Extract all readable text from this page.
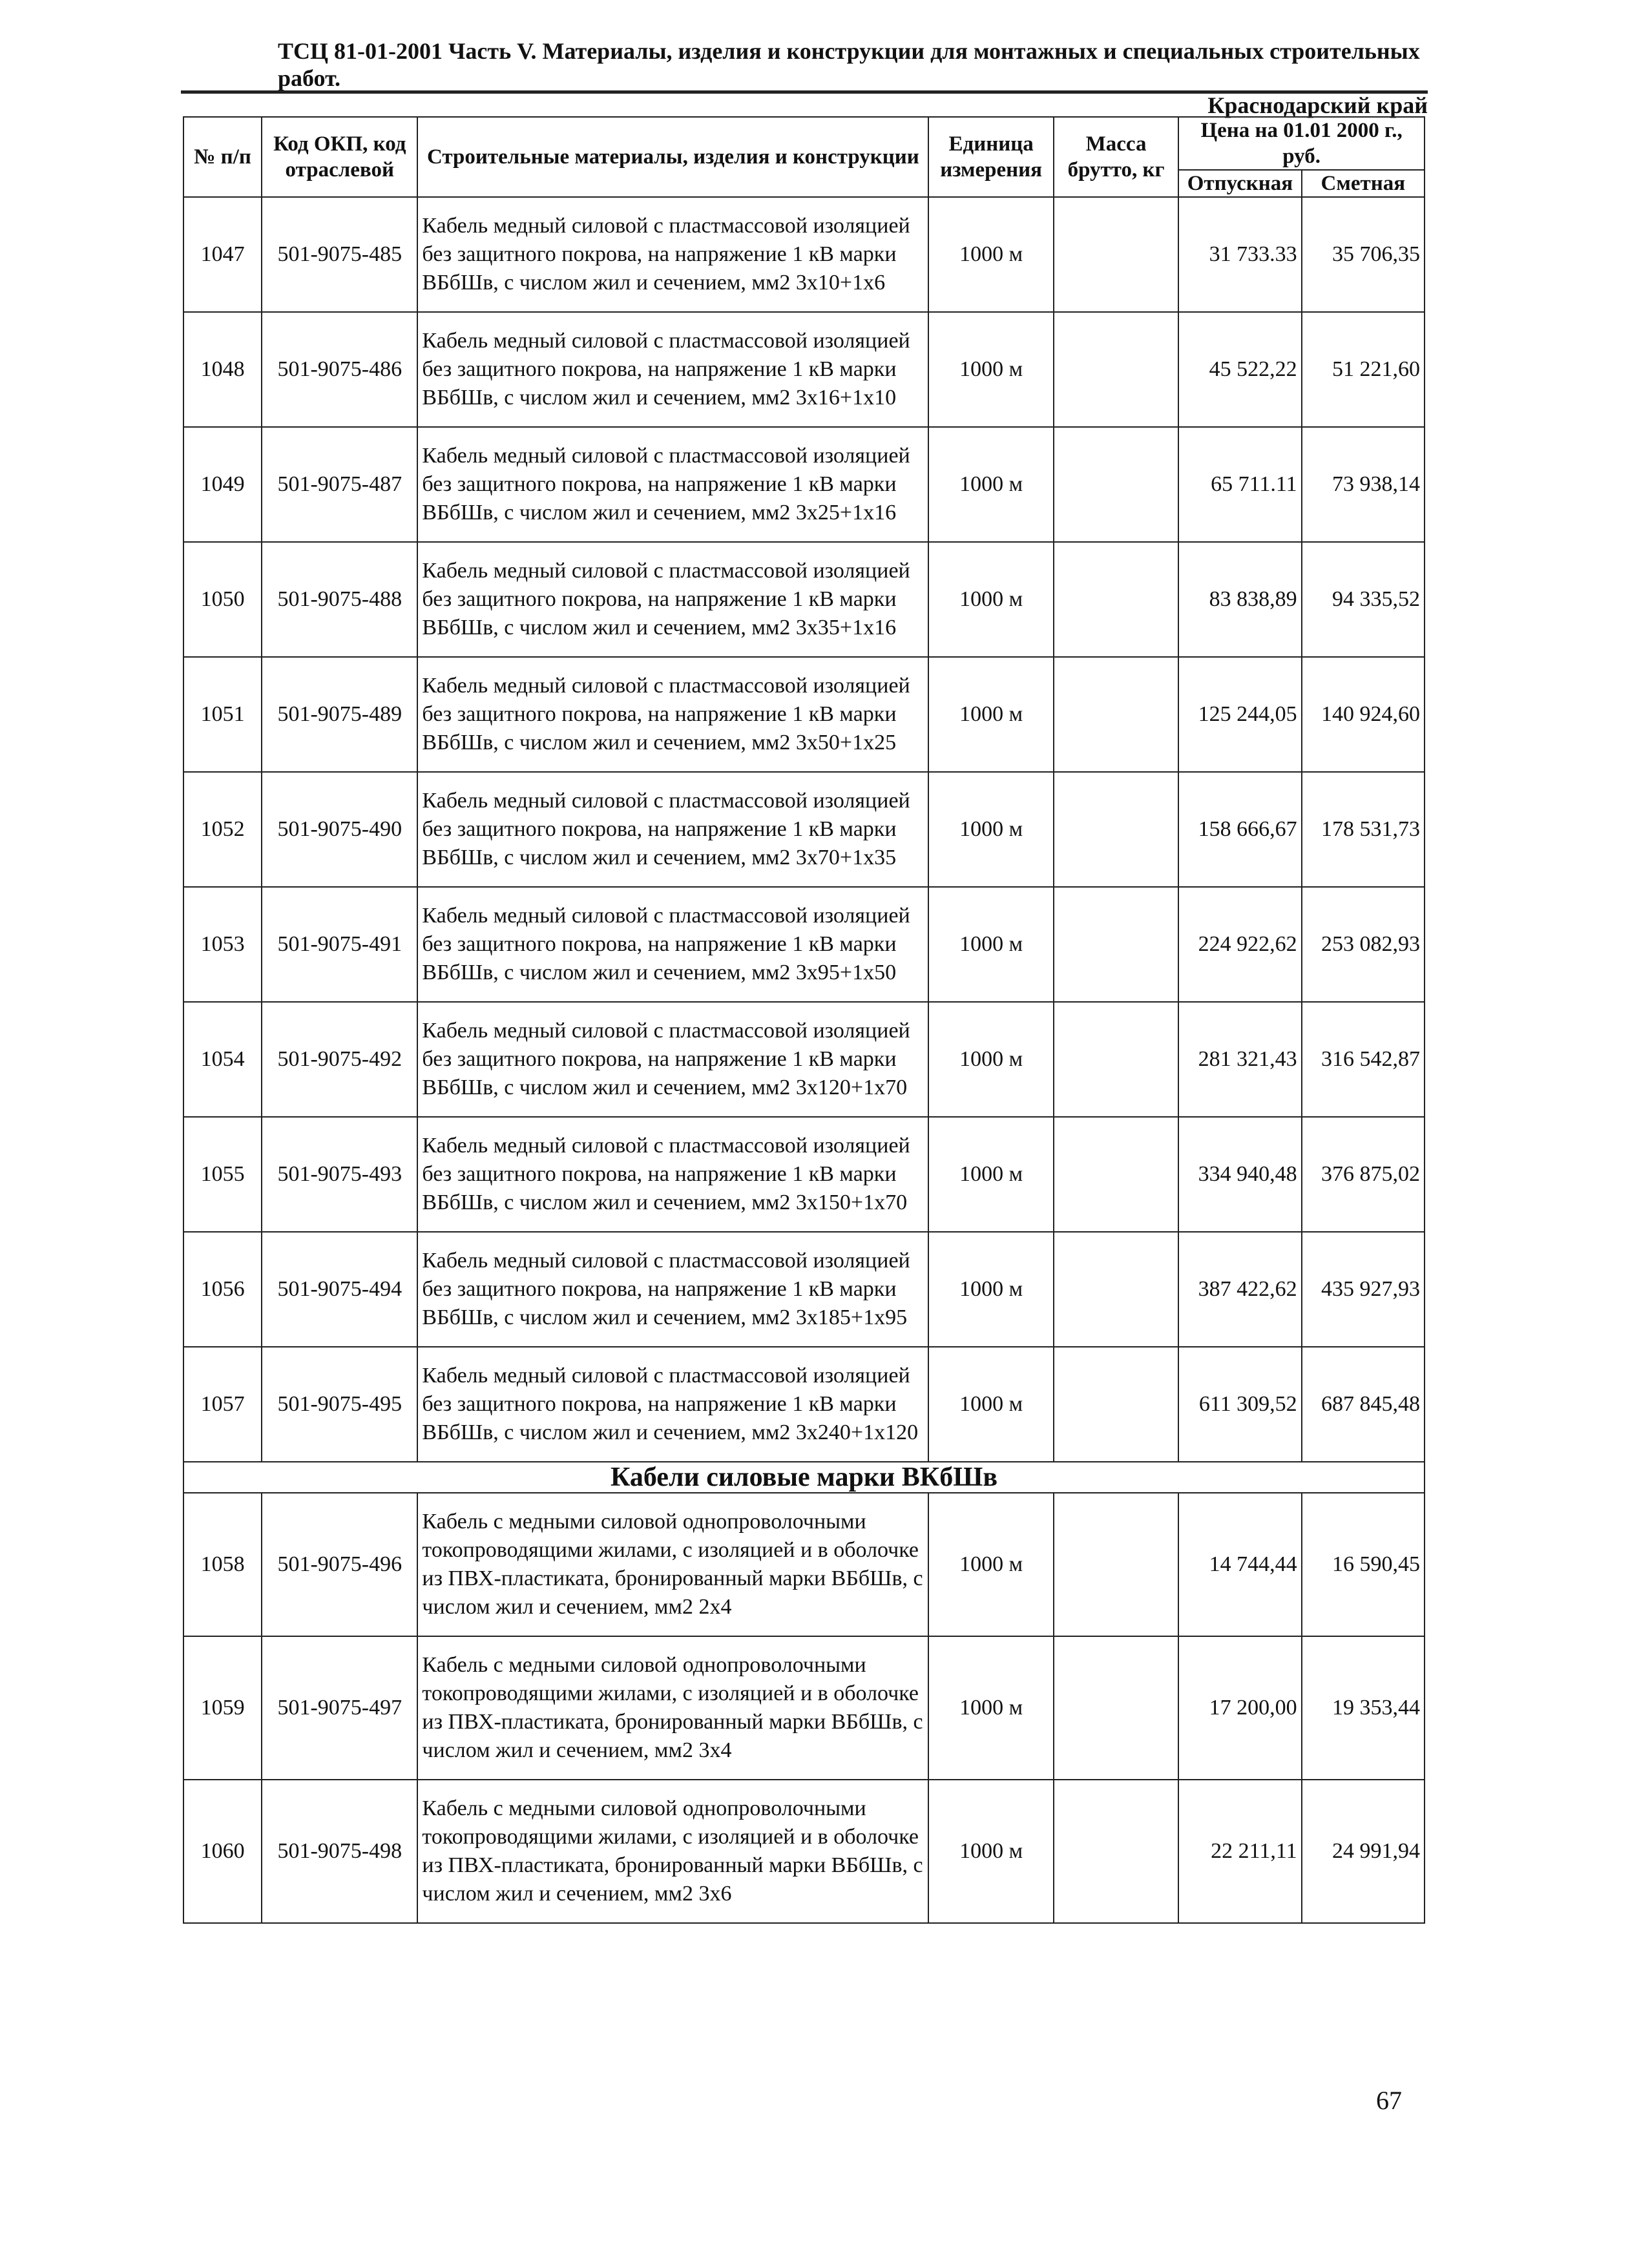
ТСЦ 81-01-2001 Часть V. Материалы, изделия и конструкции для монтажных и специальных строительных работ.
Краснодарский край
№ п/п	Код ОКП, код отраслевой	Строительные материалы, изделия и конструкции	Единица измерения	Масса брутто, кг	Цена на 01.01 2000 г., руб.	
					Отпускная	Сметная
1047	501-9075-485	Кабель медный силовой с пластмассовой изоляцией без защитного покрова, на напряжение 1 кВ марки ВБбШв, с числом жил и сечением, мм2 3х10+1х6	1000 м		31 733.33	35 706,35
1048	501-9075-486	Кабель медный силовой с пластмассовой изоляцией без защитного покрова, на напряжение 1 кВ марки ВБбШв, с числом жил и сечением, мм2 3х16+1х10	1000 м		45 522,22	51 221,60
1049	501-9075-487	Кабель медный силовой с пластмассовой изоляцией без защитного покрова, на напряжение 1 кВ марки ВБбШв, с числом жил и сечением, мм2 3х25+1х16	1000 м		65 711.11	73 938,14
1050	501-9075-488	Кабель медный силовой с пластмассовой изоляцией без защитного покрова, на напряжение 1 кВ марки ВБбШв, с числом жил и сечением, мм2 3х35+1х16	1000 м		83 838,89	94 335,52
1051	501-9075-489	Кабель медный силовой с пластмассовой изоляцией без защитного покрова, на напряжение 1 кВ марки ВБбШв, с числом жил и сечением, мм2 3х50+1х25	1000 м		125 244,05	140 924,60
1052	501-9075-490	Кабель медный силовой с пластмассовой изоляцией без защитного покрова, на напряжение 1 кВ марки ВБбШв, с числом жил и сечением, мм2 3х70+1х35	1000 м		158 666,67	178 531,73
1053	501-9075-491	Кабель медный силовой с пластмассовой изоляцией без защитного покрова, на напряжение 1 кВ марки ВБбШв, с числом жил и сечением, мм2 3х95+1х50	1000 м		224 922,62	253 082,93
1054	501-9075-492	Кабель медный силовой с пластмассовой изоляцией без защитного покрова, на напряжение 1 кВ марки ВБбШв, с числом жил и сечением, мм2 3х120+1х70	1000 м		281 321,43	316 542,87
1055	501-9075-493	Кабель медный силовой с пластмассовой изоляцией без защитного покрова, на напряжение 1 кВ марки ВБбШв, с числом жил и сечением, мм2 3х150+1х70	1000 м		334 940,48	376 875,02
1056	501-9075-494	Кабель медный силовой с пластмассовой изоляцией без защитного покрова, на напряжение 1 кВ марки ВБбШв, с числом жил и сечением, мм2 3х185+1х95	1000 м		387 422,62	435 927,93
1057	501-9075-495	Кабель медный силовой с пластмассовой изоляцией без защитного покрова, на напряжение 1 кВ марки ВБбШв, с числом жил и сечением, мм2 3х240+1х120	1000 м		611 309,52	687 845,48
Кабели силовые марки ВКбШв						
1058	501-9075-496	Кабель с медными силовой однопроволочными токопроводящими жилами, с изоляцией и в оболочке из ПВХ-пластиката, бронированный марки ВБбШв, с числом жил и сечением, мм2 2х4	1000 м		14 744,44	16 590,45
1059	501-9075-497	Кабель с медными силовой однопроволочными токопроводящими жилами, с изоляцией и в оболочке из ПВХ-пластиката, бронированный марки ВБбШв, с числом жил и сечением, мм2 3х4	1000 м		17 200,00	19 353,44
1060	501-9075-498	Кабель с медными силовой однопроволочными токопроводящими жилами, с изоляцией и в оболочке из ПВХ-пластиката, бронированный марки ВБбШв, с числом жил и сечением, мм2 3х6	1000 м		22 211,11	24 991,94
67
